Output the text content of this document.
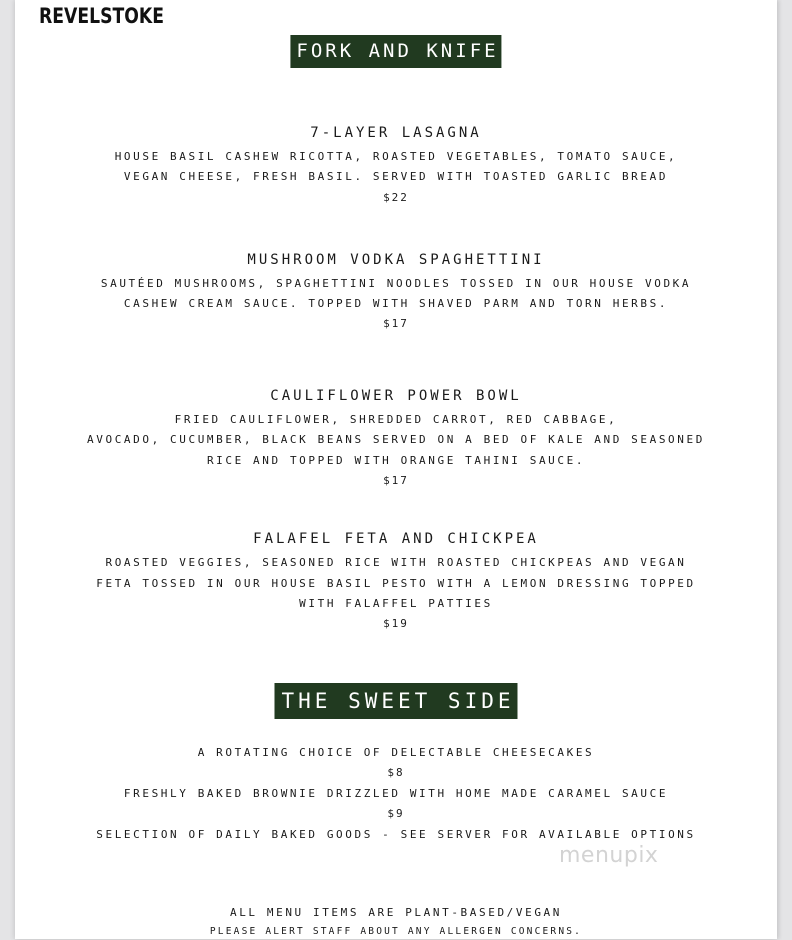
REVELSTOKE
FORK AND KNIFE
7-LAYER LASAGNA
HOUSE BASIL CASHEW RICOTTA, ROASTED VEGETABLES, TOMATO SAUCE,
VEGAN CHEESE, FRESH BASIL. SERVED WITH TOASTED GARLIC BREAD
$22
MUSHROOM VODKA SPAGHETTINI
SAUTÉED MUSHROOMS, SPAGHETTINI NOODLES TOSSED IN OUR HOUSE VODKA
CASHEW CREAM SAUCE. TOPPED WITH SHAVED PARM AND TORN HERBS.
$17
CAULIFLOWER POWER BOWL
FRIED CAULIFLOWER, SHREDDED CARROT, RED CABBAGE,
AVOCADO, CUCUMBER, BLACK BEANS SERVED ON A BED OF KALE AND SEASONED
RICE AND TOPPED WITH ORANGE TAHINI SAUCE.
$17
FALAFEL FETA AND CHICKPEA
ROASTED VEGGIES, SEASONED RICE WITH ROASTED CHICKPEAS AND VEGAN
FETA TOSSED IN OUR HOUSE BASIL PESTO WITH A LEMON DRESSING TOPPED
WITH FALAFFEL PATTIES
$19
THE SWEET SIDE
A ROTATING CHOICE OF DELECTABLE CHEESECAKES
$8
FRESHLY BAKED BROWNIE DRIZZLED WITH HOME MADE CARAMEL SAUCE
$9
SELECTION OF DAILY BAKED GOODS - SEE SERVER FOR AVAILABLE OPTIONS
menupix
ALL MENU ITEMS ARE PLANT-BASED/VEGAN
PLEASE ALERT STAFF ABOUT ANY ALLERGEN CONCERNS.
